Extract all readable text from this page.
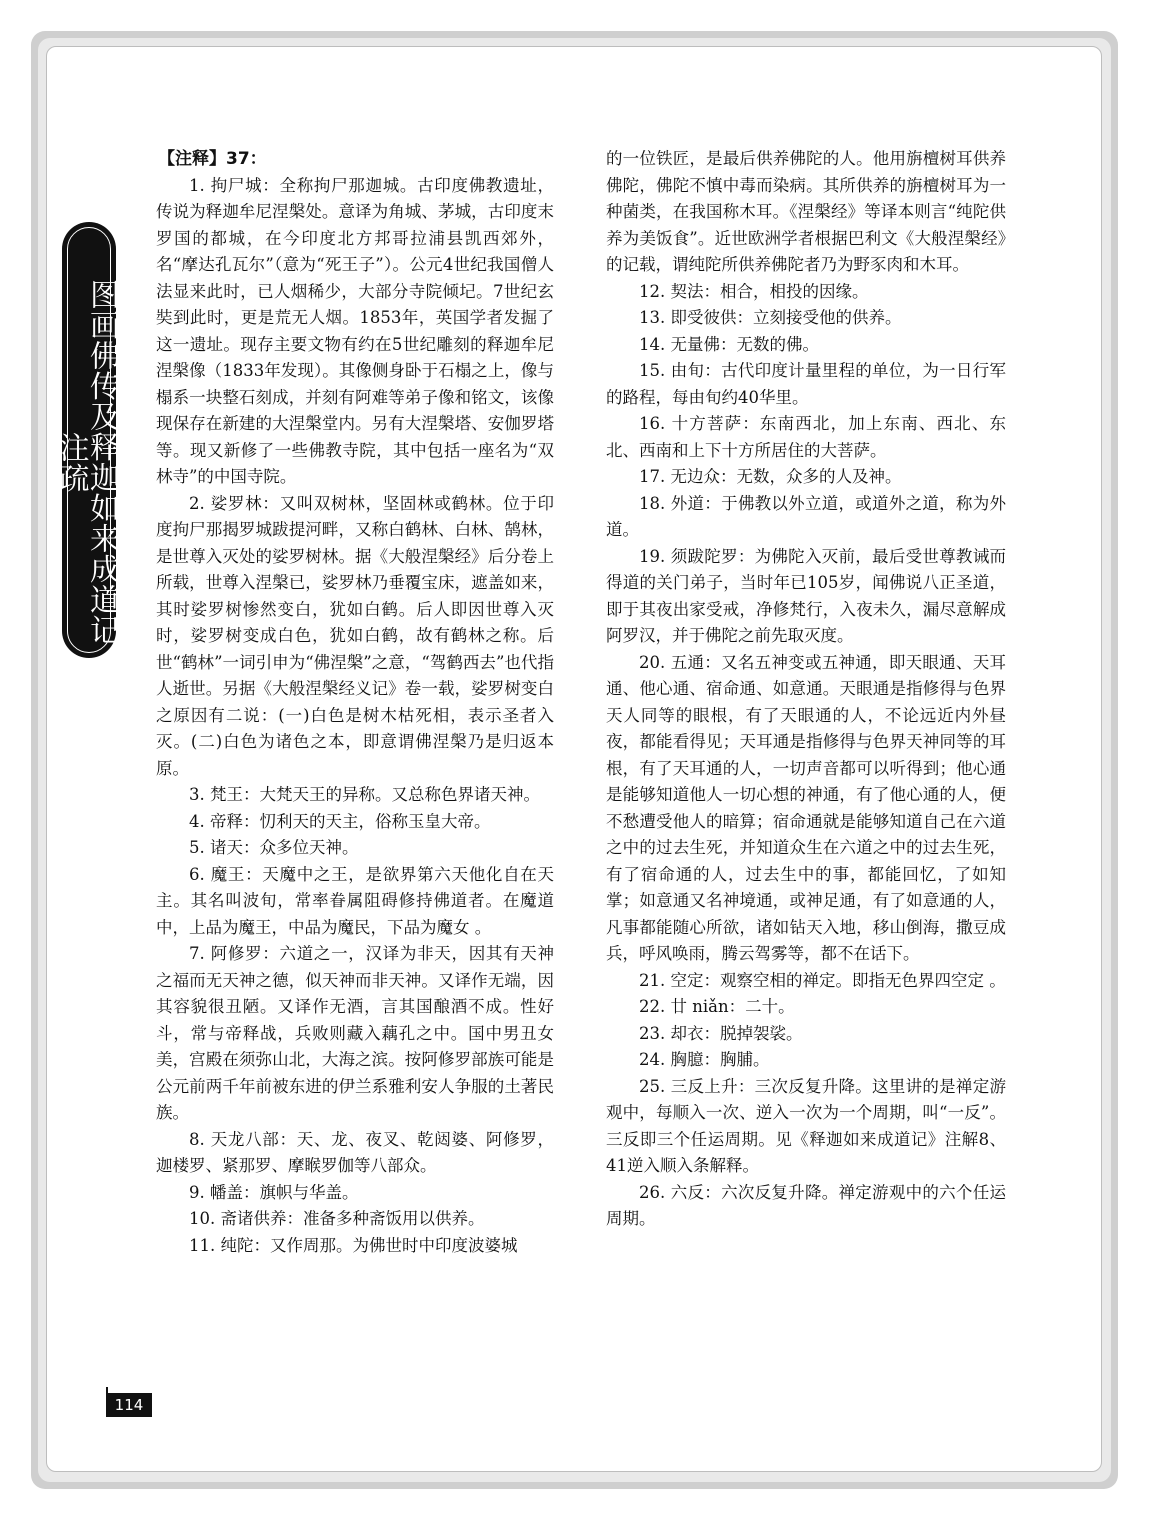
图画佛传及释迦如来成道记注疏

【注释】37：

1. 拘尸城：全称拘尸那迦城。古印度佛教遗址，传说为释迦牟尼涅槃处。意译为角城、茅城，古印度末罗国的都城，在今印度北方邦哥拉浦县凯西郊外，名“摩达孔瓦尔”（意为“死王子”）。公元4世纪我国僧人法显来此时，已人烟稀少，大部分寺院倾圮。7世纪玄奘到此时，更是荒无人烟。1853年，英国学者发掘了这一遗址。现存主要文物有约在5世纪雕刻的释迦牟尼涅槃像（1833年发现）。其像侧身卧于石榻之上，像与榻系一块整石刻成，并刻有阿难等弟子像和铭文，该像现保存在新建的大涅槃堂内。另有大涅槃塔、安伽罗塔等。现又新修了一些佛教寺院，其中包括一座名为“双林寺”的中国寺院。

2. 娑罗林：又叫双树林，坚固林或鹤林。位于印度拘尸那揭罗城跋提河畔，又称白鹤林、白林、鹄林，是世尊入灭处的娑罗树林。据《大般涅槃经》后分卷上所载，世尊入涅槃已，娑罗林乃垂覆宝床，遮盖如来，其时娑罗树惨然变白，犹如白鹤。后人即因世尊入灭时，娑罗树变成白色，犹如白鹤，故有鹤林之称。后世“鹤林”一词引申为“佛涅槃”之意，“驾鹤西去”也代指人逝世。另据《大般涅槃经义记》卷一载，娑罗树变白之原因有二说：(一)白色是树木枯死相，表示圣者入灭。(二)白色为诸色之本，即意谓佛涅槃乃是归返本原。

3. 梵王：大梵天王的异称。又总称色界诸天神。

4. 帝释：忉利天的天主，俗称玉皇大帝。

5. 诸天：众多位天神。

6. 魔王：天魔中之王，是欲界第六天他化自在天主。其名叫波旬，常率眷属阻碍修持佛道者。在魔道中，上品为魔王，中品为魔民，下品为魔女 。

7. 阿修罗：六道之一，汉译为非天，因其有天神之福而无天神之德，似天神而非天神。又译作无端，因其容貌很丑陋。又译作无酒，言其国酿酒不成。性好斗，常与帝释战，兵败则藏入藕孔之中。国中男丑女美，宫殿在须弥山北，大海之滨。按阿修罗部族可能是公元前两千年前被东进的伊兰系雅利安人争服的土著民族。

8. 天龙八部：天、龙、夜叉、乾闼婆、阿修罗，迦楼罗、紧那罗、摩睺罗伽等八部众。

9. 幡盖：旗帜与华盖。

10. 斋诸供养：准备多种斋饭用以供养。

11. 纯陀：又作周那。为佛世时中印度波婆城

的一位铁匠，是最后供养佛陀的人。他用旃檀树耳供养佛陀，佛陀不慎中毒而染病。其所供养的旃檀树耳为一种菌类，在我国称木耳。《涅槃经》等译本则言“纯陀供养为美饭食”。近世欧洲学者根据巴利文《大般涅槃经》的记载，谓纯陀所供养佛陀者乃为野豕肉和木耳。

12. 契法：相合，相投的因缘。

13. 即受彼供：立刻接受他的供养。

14. 无量佛：无数的佛。

15. 由旬：古代印度计量里程的单位，为一日行军的路程，每由旬约40华里。

16. 十方菩萨：东南西北，加上东南、西北、东北、西南和上下十方所居住的大菩萨。

17. 无边众：无数，众多的人及神。

18. 外道：于佛教以外立道，或道外之道，称为外道。

19. 须跋陀罗：为佛陀入灭前，最后受世尊教诫而得道的关门弟子，当时年已105岁，闻佛说八正圣道，即于其夜出家受戒，净修梵行，入夜未久，漏尽意解成阿罗汉，并于佛陀之前先取灭度。

20. 五通：又名五神变或五神通，即天眼通、天耳通、他心通、宿命通、如意通。天眼通是指修得与色界天人同等的眼根，有了天眼通的人，不论远近内外昼夜，都能看得见；天耳通是指修得与色界天神同等的耳根，有了天耳通的人，一切声音都可以听得到；他心通是能够知道他人一切心想的神通，有了他心通的人，便不愁遭受他人的暗算；宿命通就是能够知道自己在六道之中的过去生死，并知道众生在六道之中的过去生死，有了宿命通的人，过去生中的事，都能回忆，了如知掌；如意通又名神境通，或神足通，有了如意通的人，凡事都能随心所欲，诸如钻天入地，移山倒海，撒豆成兵，呼风唤雨，腾云驾雾等，都不在话下。

21. 空定：观察空相的禅定。即指无色界四空定 。

22. 廿 niǎn：二十。

23. 却衣：脱掉袈裟。

24. 胸臆：胸脯。

25. 三反上升：三次反复升降。这里讲的是禅定游观中，每顺入一次、逆入一次为一个周期，叫“一反”。三反即三个任运周期。见《释迦如来成道记》注解8、41逆入顺入条解释。

26. 六反：六次反复升降。禅定游观中的六个任运周期。

114
